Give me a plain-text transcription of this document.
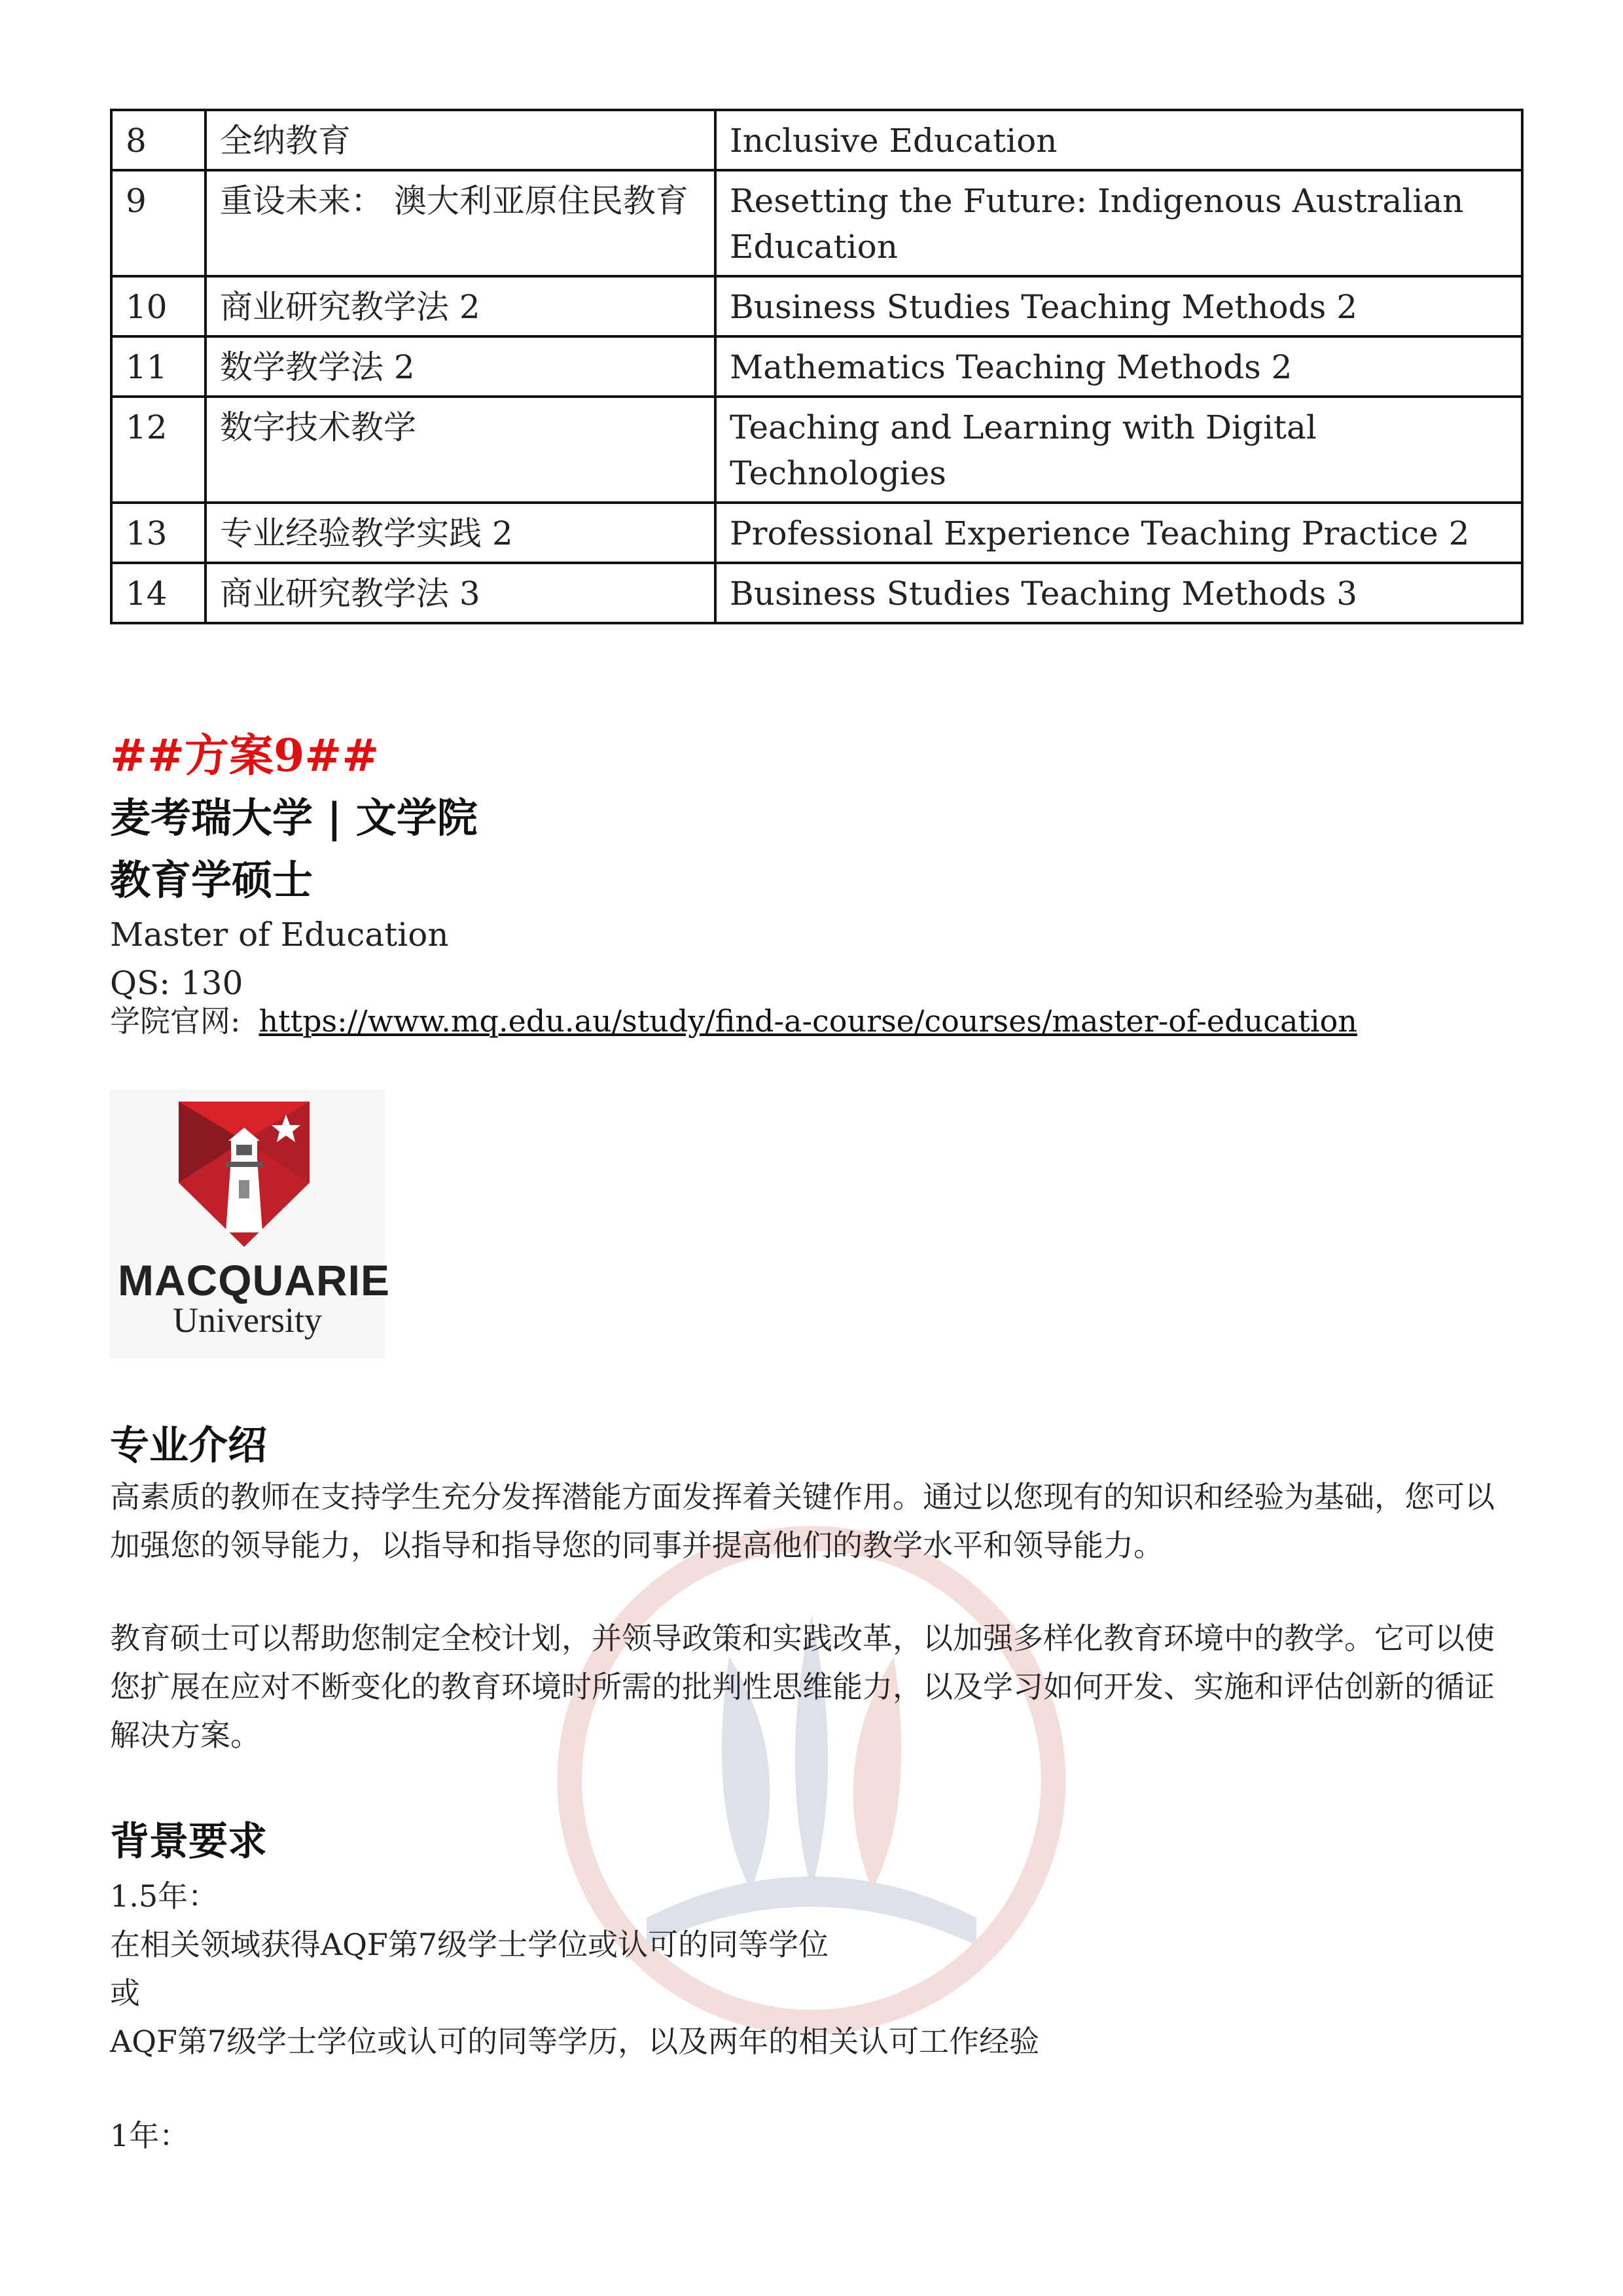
8	全纳教育	Inclusive Education
9	重设未来： 澳大利亚原住民教育	Resetting the Future: Indigenous Australian Education
10	商业研究教学法 2	Business Studies Teaching Methods 2
11	数学教学法 2	Mathematics Teaching Methods 2
12	数字技术教学	Teaching and Learning with Digital Technologies
13	专业经验教学实践 2	Professional Experience Teaching Practice 2
14	商业研究教学法 3	Business Studies Teaching Methods 3
##方案9##
麦考瑞大学 | 文学院
教育学硕士
Master of Education
QS: 130
学院官网: https://www.mq.edu.au/study/find-a-course/courses/master-of-education
MACQUARIE
University
专业介绍
高素质的教师在支持学生充分发挥潜能方面发挥着关键作用。通过以您现有的知识和经验为基础，您可以加强您的领导能力，以指导和指导您的同事并提高他们的教学水平和领导能力。
教育硕士可以帮助您制定全校计划，并领导政策和实践改革，以加强多样化教育环境中的教学。它可以使您扩展在应对不断变化的教育环境时所需的批判性思维能力，以及学习如何开发、实施和评估创新的循证解决方案。
背景要求
1.5年：
在相关领域获得AQF第7级学士学位或认可的同等学位
或
AQF第7级学士学位或认可的同等学历，以及两年的相关认可工作经验
1年：
